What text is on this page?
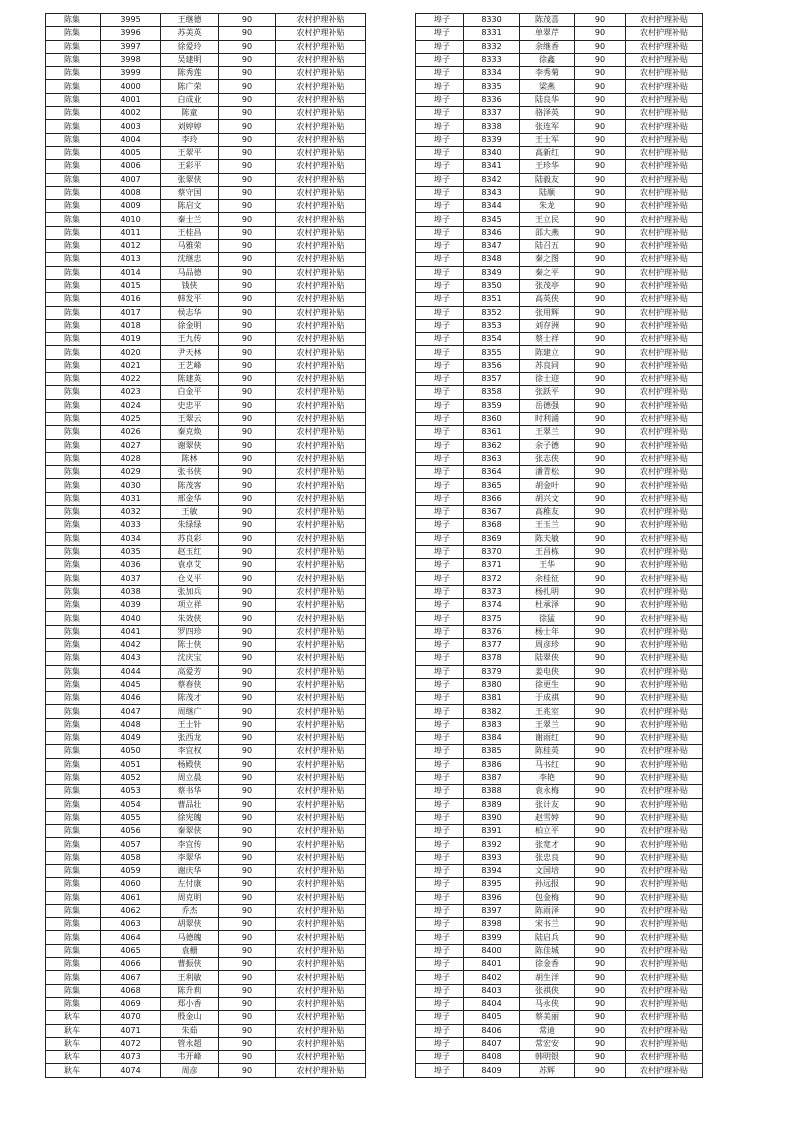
陈集	3995	王继德	90	农村护理补贴
陈集	3996	苏美英	90	农村护理补贴
陈集	3997	徐爱玲	90	农村护理补贴
陈集	3998	吴建明	90	农村护理补贴
陈集	3999	陈秀莲	90	农村护理补贴
陈集	4000	陈广荣	90	农村护理补贴
陈集	4001	白成业	90	农村护理补贴
陈集	4002	陈童	90	农村护理补贴
陈集	4003	刘婷婷	90	农村护理补贴
陈集	4004	李玲	90	农村护理补贴
陈集	4005	王翠平	90	农村护理补贴
陈集	4006	王彩平	90	农村护理补贴
陈集	4007	张翠侠	90	农村护理补贴
陈集	4008	蔡守国	90	农村护理补贴
陈集	4009	陈启文	90	农村护理补贴
陈集	4010	秦士兰	90	农村护理补贴
陈集	4011	王桂昌	90	农村护理补贴
陈集	4012	马雅荣	90	农村护理补贴
陈集	4013	沈继忠	90	农村护理补贴
陈集	4014	马品德	90	农村护理补贴
陈集	4015	钱侠	90	农村护理补贴
陈集	4016	韩发平	90	农村护理补贴
陈集	4017	侯志华	90	农村护理补贴
陈集	4018	徐金明	90	农村护理补贴
陈集	4019	王九传	90	农村护理补贴
陈集	4020	尹天林	90	农村护理补贴
陈集	4021	王艺峰	90	农村护理补贴
陈集	4022	陈建英	90	农村护理补贴
陈集	4023	白金平	90	农村护理补贴
陈集	4024	史忠平	90	农村护理补贴
陈集	4025	王翠云	90	农村护理补贴
陈集	4026	秦克焕	90	农村护理补贴
陈集	4027	谢翠侠	90	农村护理补贴
陈集	4028	陈林	90	农村护理补贴
陈集	4029	张书侠	90	农村护理补贴
陈集	4030	陈茂客	90	农村护理补贴
陈集	4031	邢金华	90	农村护理补贴
陈集	4032	王敏	90	农村护理补贴
陈集	4033	朱绿绿	90	农村护理补贴
陈集	4034	苏良彩	90	农村护理补贴
陈集	4035	赵玉红	90	农村护理补贴
陈集	4036	袁卓艾	90	农村护理补贴
陈集	4037	仓义平	90	农村护理补贴
陈集	4038	张加兵	90	农村护理补贴
陈集	4039	项立祥	90	农村护理补贴
陈集	4040	朱效侠	90	农村护理补贴
陈集	4041	罗四珍	90	农村护理补贴
陈集	4042	陈士侠	90	农村护理补贴
陈集	4043	沈庆宝	90	农村护理补贴
陈集	4044	高爱芳	90	农村护理补贴
陈集	4045	蔡春侠	90	农村护理补贴
陈集	4046	陈茂才	90	农村护理补贴
陈集	4047	周继广	90	农村护理补贴
陈集	4048	王士针	90	农村护理补贴
陈集	4049	张西龙	90	农村护理补贴
陈集	4050	李宜权	90	农村护理补贴
陈集	4051	杨殿侠	90	农村护理补贴
陈集	4052	周立晨	90	农村护理补贴
陈集	4053	蔡书华	90	农村护理补贴
陈集	4054	曹品壮	90	农村护理补贴
陈集	4055	徐宪魄	90	农村护理补贴
陈集	4056	秦翠侠	90	农村护理补贴
陈集	4057	李宜传	90	农村护理补贴
陈集	4058	李翠华	90	农村护理补贴
陈集	4059	谢庆华	90	农村护理补贴
陈集	4060	左付康	90	农村护理补贴
陈集	4061	周克明	90	农村护理补贴
陈集	4062	乔杰	90	农村护理补贴
陈集	4063	胡翠侠	90	农村护理补贴
陈集	4064	马德魄	90	农村护理补贴
陈集	4065	袁栅	90	农村护理补贴
陈集	4066	曹振侠	90	农村护理补贴
陈集	4067	王利敏	90	农村护理补贴
陈集	4068	陈升莉	90	农村护理补贴
陈集	4069	郑小香	90	农村护理补贴
耿车	4070	殷金山	90	农村护理补贴
耿车	4071	朱茹	90	农村护理补贴
耿车	4072	管永超	90	农村护理补贴
耿车	4073	韦开峰	90	农村护理补贴
耿车	4074	周彦	90	农村护理补贴
埠子	8330	陈茂喜	90	农村护理补贴
埠子	8331	单翠芹	90	农村护理补贴
埠子	8332	余继香	90	农村护理补贴
埠子	8333	徐鑫	90	农村护理补贴
埠子	8334	李秀菊	90	农村护理补贴
埠子	8335	梁燕	90	农村护理补贴
埠子	8336	陆良华	90	农村护理补贴
埠子	8337	骆泽英	90	农村护理补贴
埠子	8338	张连军	90	农村护理补贴
埠子	8339	王士军	90	农村护理补贴
埠子	8340	高新红	90	农村护理补贴
埠子	8341	王珍华	90	农村护理补贴
埠子	8342	陆毅友	90	农村护理补贴
埠子	8343	陆顺	90	农村护理补贴
埠子	8344	朱龙	90	农村护理补贴
埠子	8345	王立民	90	农村护理补贴
埠子	8346	邵大燕	90	农村护理补贴
埠子	8347	陆召五	90	农村护理补贴
埠子	8348	秦之图	90	农村护理补贴
埠子	8349	秦之平	90	农村护理补贴
埠子	8350	张茂亭	90	农村护理补贴
埠子	8351	高英侠	90	农村护理补贴
埠子	8352	张用辉	90	农村护理补贴
埠子	8353	刘存洲	90	农村护理补贴
埠子	8354	蔡士祥	90	农村护理补贴
埠子	8355	陈建立	90	农村护理补贴
埠子	8356	苏良同	90	农村护理补贴
埠子	8357	徐士迎	90	农村护理补贴
埠子	8358	张跃平	90	农村护理补贴
埠子	8359	岳德强	90	农村护理补贴
埠子	8360	时利涌	90	农村护理补贴
埠子	8361	王翠兰	90	农村护理补贴
埠子	8362	余子德	90	农村护理补贴
埠子	8363	张志侠	90	农村护理补贴
埠子	8364	潘青松	90	农村护理补贴
埠子	8365	胡金叶	90	农村护理补贴
埠子	8366	胡兴文	90	农村护理补贴
埠子	8367	高稚友	90	农村护理补贴
埠子	8368	王玉兰	90	农村护理补贴
埠子	8369	陈夫敏	90	农村护理补贴
埠子	8370	王昌栋	90	农村护理补贴
埠子	8371	王华	90	农村护理补贴
埠子	8372	余桂征	90	农村护理补贴
埠子	8373	杨扎明	90	农村护理补贴
埠子	8374	杜承泽	90	农村护理补贴
埠子	8375	徐猛	90	农村护理补贴
埠子	8376	杨士年	90	农村护理补贴
埠子	8377	周彦珍	90	农村护理补贴
埠子	8378	陆翠侠	90	农村护理补贴
埠子	8379	姜电侠	90	农村护理补贴
埠子	8380	徐更生	90	农村护理补贴
埠子	8381	于成祺	90	农村护理补贴
埠子	8382	王兆室	90	农村护理补贴
埠子	8383	王翠兰	90	农村护理补贴
埠子	8384	谢雨红	90	农村护理补贴
埠子	8385	陈桂英	90	农村护理补贴
埠子	8386	马书红	90	农村护理补贴
埠子	8387	李艳	90	农村护理补贴
埠子	8388	袁永梅	90	农村护理补贴
埠子	8389	张计友	90	农村护理补贴
埠子	8390	赵雪婷	90	农村护理补贴
埠子	8391	柏立平	90	农村护理补贴
埠子	8392	张宽才	90	农村护理补贴
埠子	8393	张忠良	90	农村护理补贴
埠子	8394	文国培	90	农村护理补贴
埠子	8395	孙远报	90	农村护理补贴
埠子	8396	包金梅	90	农村护理补贴
埠子	8397	陈雨泽	90	农村护理补贴
埠子	8398	宋书兰	90	农村护理补贴
埠子	8399	陆启兵	90	农村护理补贴
埠子	8400	陈佳城	90	农村护理补贴
埠子	8401	徐金香	90	农村护理补贴
埠子	8402	胡生洋	90	农村护理补贴
埠子	8403	张祺侠	90	农村护理补贴
埠子	8404	马永侠	90	农村护理补贴
埠子	8405	蔡美丽	90	农村护理补贴
埠子	8406	常迪	90	农村护理补贴
埠子	8407	常宏安	90	农村护理补贴
埠子	8408	韩明银	90	农村护理补贴
埠子	8409	苏辉	90	农村护理补贴
